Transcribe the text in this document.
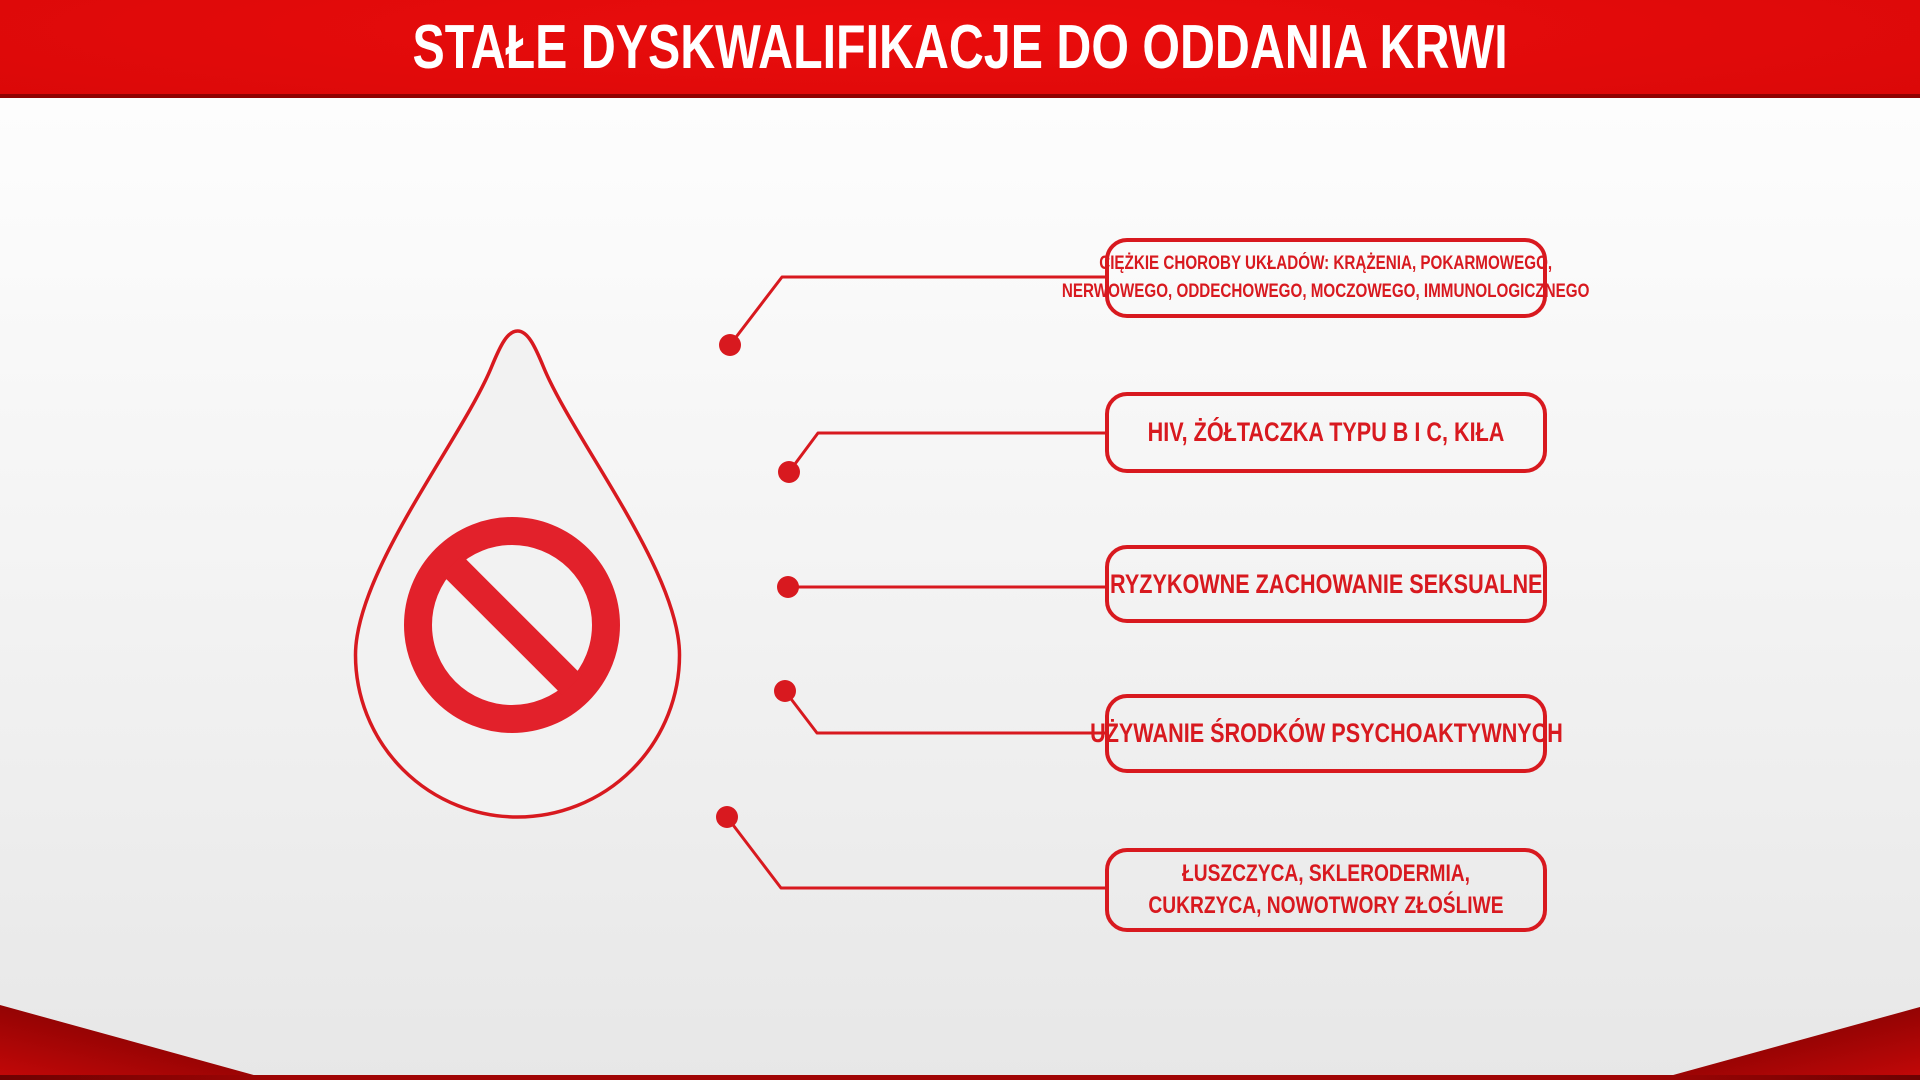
STAŁE DYSKWALIFIKACJE DO ODDANIA KRWI
CIĘŻKIE CHOROBY UKŁADÓW: KRĄŻENIA, POKARMOWEGO,
NERWOWEGO, ODDECHOWEGO, MOCZOWEGO, IMMUNOLOGICZNEGO
HIV, ŻÓŁTACZKA TYPU B I C, KIŁA
RYZYKOWNE ZACHOWANIE SEKSUALNE
UŻYWANIE ŚRODKÓW PSYCHOAKTYWNYCH
ŁUSZCZYCA, SKLERODERMIA,
CUKRZYCA, NOWOTWORY ZŁOŚLIWE
